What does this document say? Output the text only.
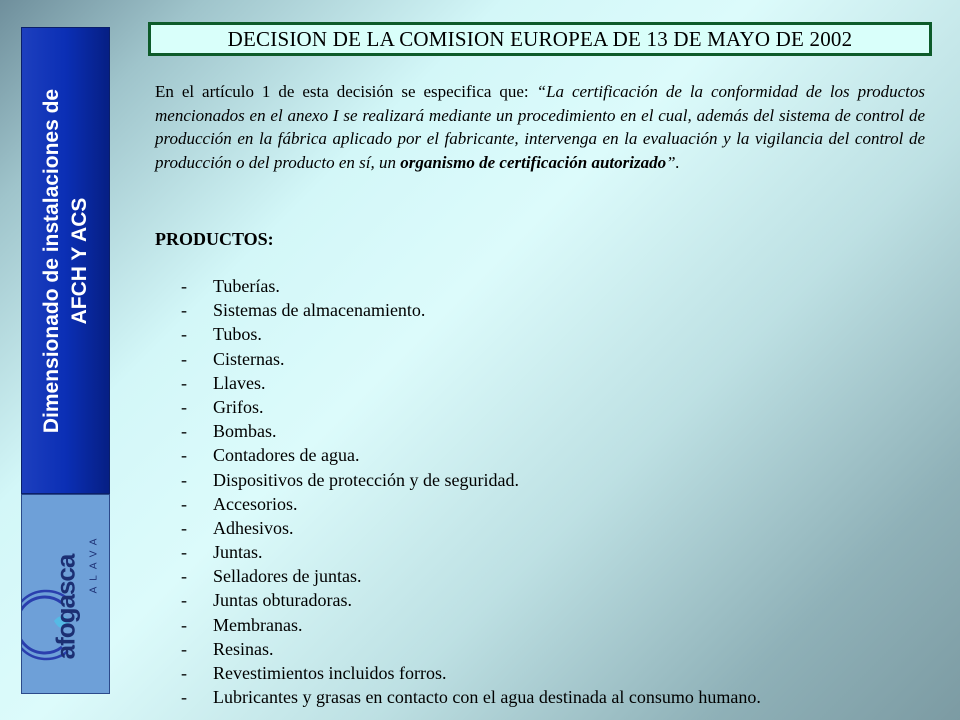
Dimensionado de instalaciones de AFCH Y ACS
afogasca ALAVA
DECISION DE LA COMISION EUROPEA DE 13 DE MAYO DE 2002
En el artículo 1 de esta decisión se especifica que: “La certificación de la conformidad de los productos mencionados en el anexo I se realizará mediante un procedimiento en el cual, además del sistema de control de producción en la fábrica aplicado por el fabricante, intervenga en la evaluación y la vigilancia del control de producción o del producto en sí, un organismo de certificación autorizado”.
PRODUCTOS:
- Tuberías.
- Sistemas de almacenamiento.
- Tubos.
- Cisternas.
- Llaves.
- Grifos.
- Bombas.
- Contadores de agua.
- Dispositivos de protección y de seguridad.
- Accesorios.
- Adhesivos.
- Juntas.
- Selladores de juntas.
- Juntas obturadoras.
- Membranas.
- Resinas.
- Revestimientos incluidos forros.
- Lubricantes y grasas en contacto con el agua destinada al consumo humano.
